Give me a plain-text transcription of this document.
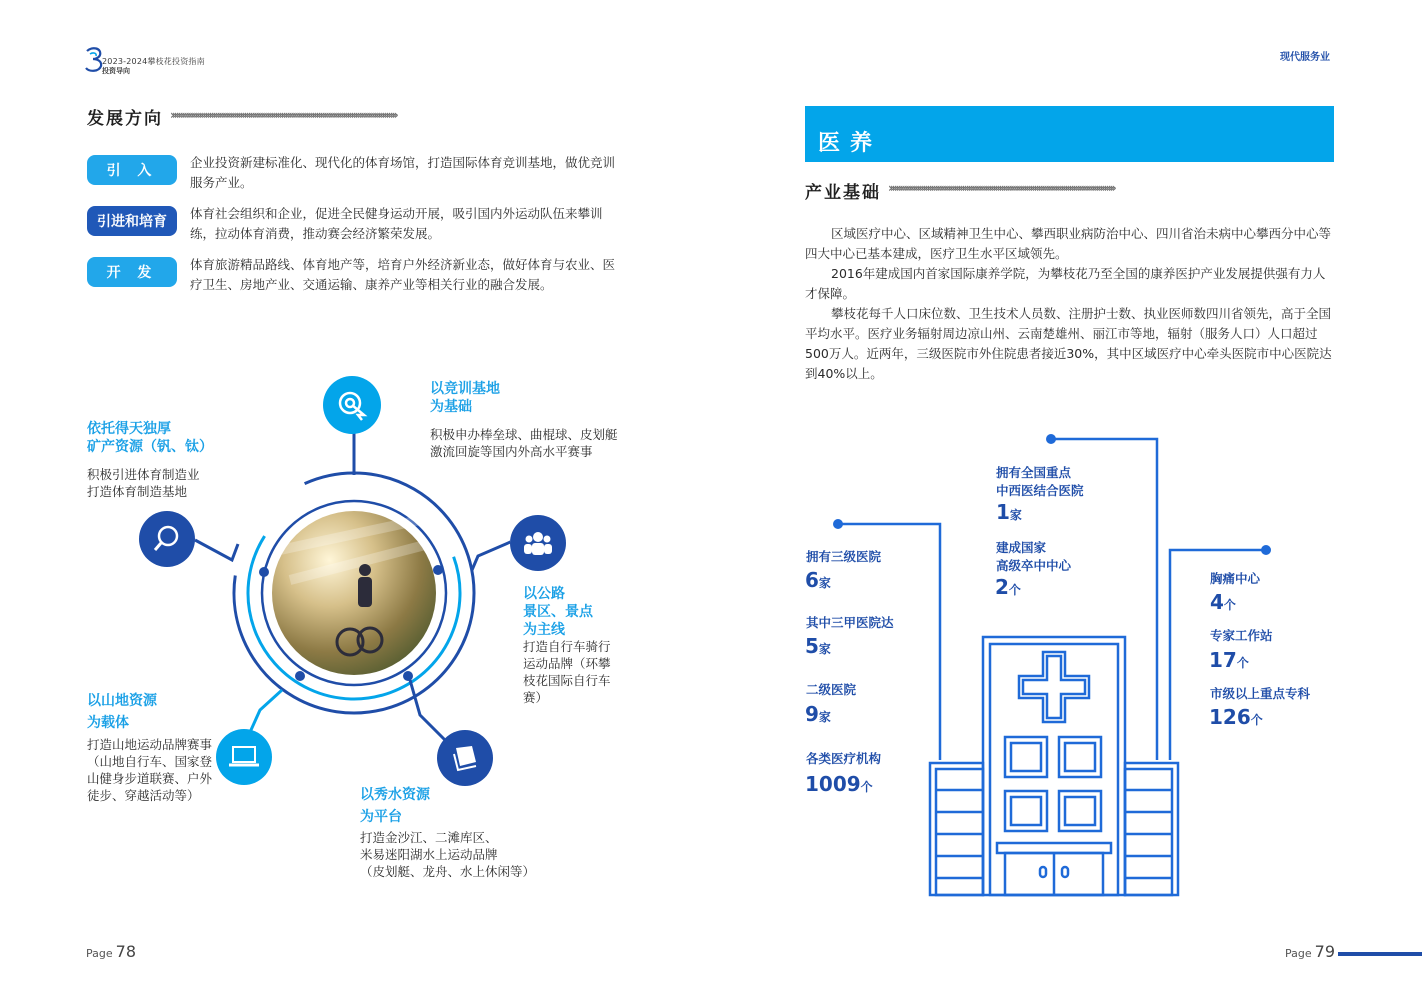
2023-2024攀枝花投资指南
投资导向
现代服务业
发展方向 ››››››››››››››››››››››››››››››››››››››››››››››››››››››››››››››››››››››››››››››››››››››››››››››››››››››››››››››››››››
引 入
企业投资新建标准化、现代化的体育场馆，打造国际体育竞训基地，做优竞训服务产业。
引进和培育
体育社会组织和企业，促进全民健身运动开展，吸引国内外运动队伍来攀训练，拉动体育消费，推动赛会经济繁荣发展。
开 发
体育旅游精品路线、体育地产等，培育户外经济新业态，做好体育与农业、医疗卫生、房地产业、交通运输、康养产业等相关行业的融合发展。
以竞训基地
为基础
积极申办棒垒球、曲棍球、皮划艇激流回旋等国内外高水平赛事
依托得天独厚
矿产资源（钒、钛）
积极引进体育制造业
打造体育制造基地
以公路
景区、景点
为主线
打造自行车骑行运动品牌（环攀枝花国际自行车赛）
以山地资源
为载体
打造山地运动品牌赛事（山地自行车、国家登山健身步道联赛、户外徒步、穿越活动等）	以秀水资源
为平台
打造金沙江、二滩库区、
米易迷阳湖水上运动品牌
（皮划艇、龙舟、水上休闲等）
Page 78
医养
产业基础 ››››››››››››››››››››››››››››››››››››››››››››››››››››››››››››››››››››››››››››››››››››››››››››››››››››››››››››››››››››
区域医疗中心、区域精神卫生中心、攀西职业病防治中心、四川省治未病中心攀西分中心等四大中心已基本建成，医疗卫生水平区域领先。
2016年建成国内首家国际康养学院，为攀枝花乃至全国的康养医护产业发展提供强有力人才保障。
攀枝花每千人口床位数、卫生技术人员数、注册护士数、执业医师数四川省领先，高于全国平均水平。医疗业务辐射周边凉山州、云南楚雄州、丽江市等地，辐射（服务人口）人口超过500万人。近两年，三级医院市外住院患者接近30%，其中区域医疗中心牵头医院市中心医院达到40%以上。
拥有三级医院
6家
其中三甲医院达
5家
二级医院
9家
各类医疗机构
1009个
拥有全国重点
中西医结合医院
1家
建成国家
高级卒中中心
2个
胸痛中心
4个
专家工作站
17个
市级以上重点专科
126个
Page 79
